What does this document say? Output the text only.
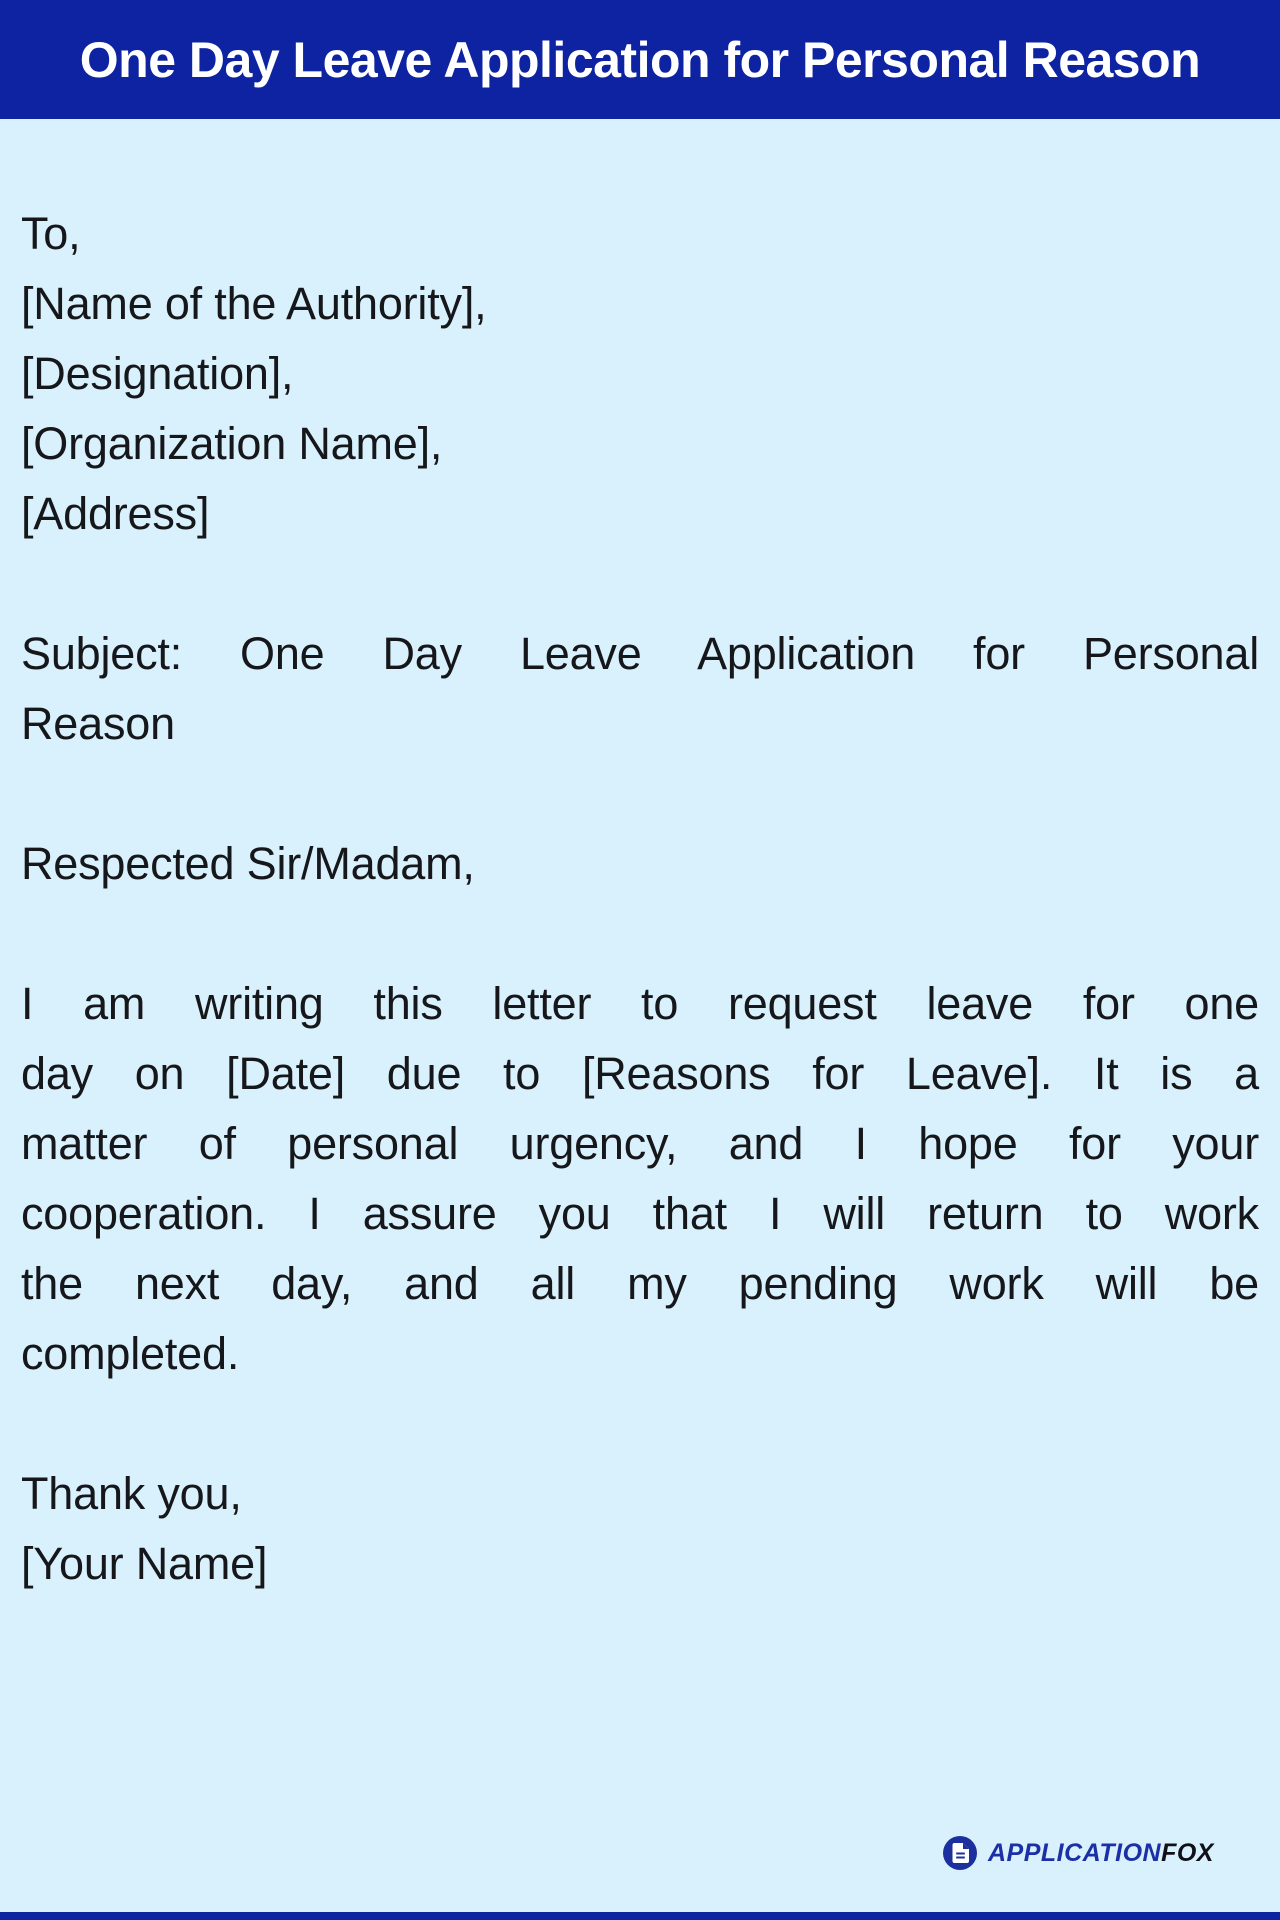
One Day Leave Application for Personal Reason
To,
[Name of the Authority],
[Designation],
[Organization Name],
[Address]
Subject: One Day Leave Application for Personal
Reason
Respected Sir/Madam,
I am writing this letter to request leave for one
day on [Date] due to [Reasons for Leave]. It is a
matter of personal urgency, and I hope for your
cooperation. I assure you that I will return to work
the next day, and all my pending work will be
completed.
Thank you,
[Your Name]
APPLICATIONFOX
